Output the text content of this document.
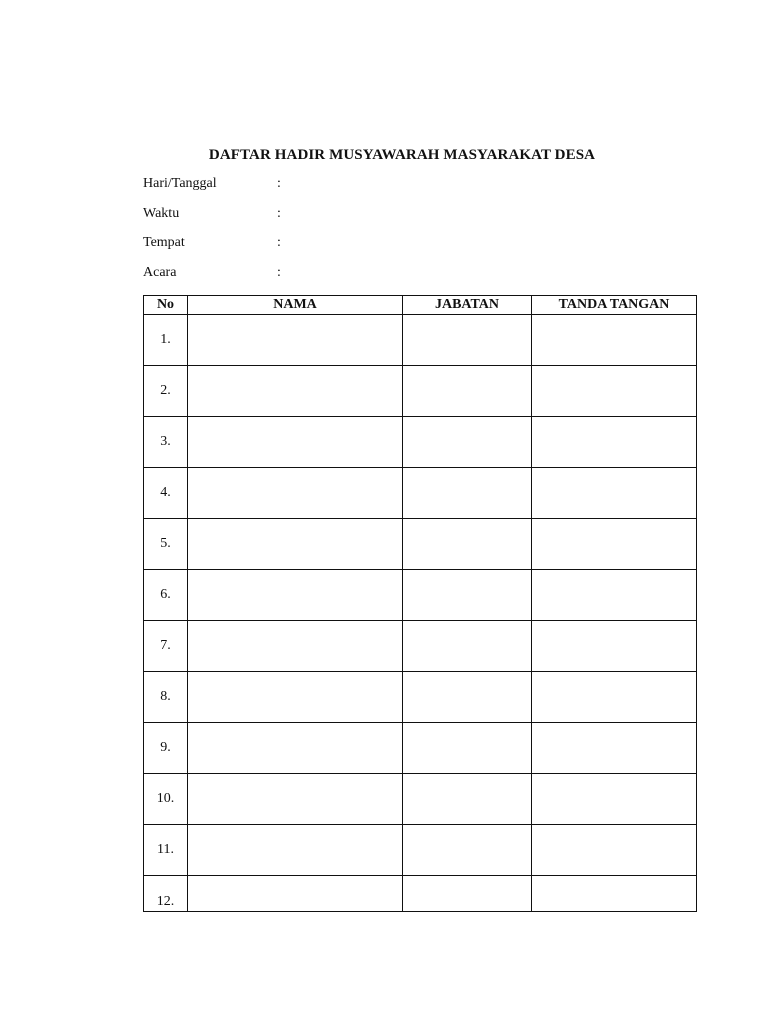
DAFTAR HADIR MUSYAWARAH MASYARAKAT DESA
Hari/Tanggal	:
Waktu	:
Tempat	:
Acara	:
No	NAMA	JABATAN	TANDA TANGAN
1.			
2.			
3.			
4.			
5.			
6.			
7.			
8.			
9.			
10.			
11.			
12.			
